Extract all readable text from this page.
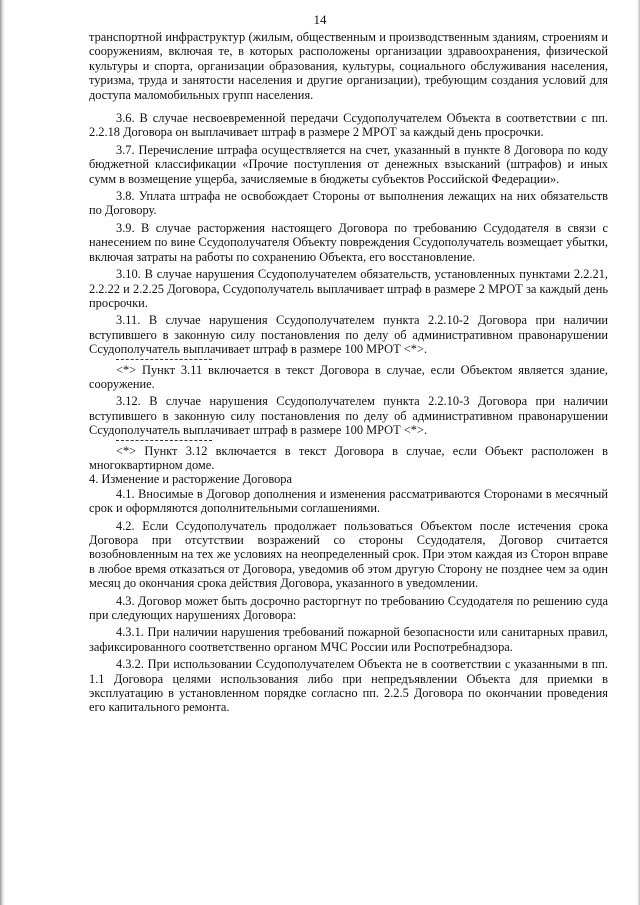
14

транспортной инфраструктур (жилым, общественным и производственным зданиям, строениям и сооружениям, включая те, в которых расположены организации здравоохранения, физической культуры и спорта, организации образования, культуры, социального обслуживания населения, туризма, труда и занятости населения и другие организации), требующим создания условий для доступа маломобильных групп населения.

3.6. В случае несвоевременной передачи Ссудополучателем Объекта в соответствии с пп. 2.2.18 Договора он выплачивает штраф в размере 2 МРОТ за каждый день просрочки.

3.7. Перечисление штрафа осуществляется на счет, указанный в пункте 8 Договора по коду бюджетной классификации «Прочие поступления от денежных взысканий (штрафов) и иных сумм в возмещение ущерба, зачисляемые в бюджеты субъектов Российской Федерации».

3.8. Уплата штрафа не освобождает Стороны от выполнения лежащих на них обязательств по Договору.

3.9. В случае расторжения настоящего Договора по требованию Ссудодателя в связи с нанесением по вине Ссудополучателя Объекту повреждения Ссудополучатель возмещает убытки, включая затраты на работы по сохранению Объекта, его восстановление.

3.10. В случае нарушения Ссудополучателем обязательств, установленных пунктами 2.2.21, 2.2.22 и 2.2.25 Договора, Ссудополучатель выплачивает штраф в размере 2 МРОТ за каждый день просрочки.

3.11. В случае нарушения Ссудополучателем пункта 2.2.10-2 Договора при наличии вступившего в законную силу постановления по делу об административном правонарушении Ссудополучатель выплачивает штраф в размере 100 МРОТ <*>.

<*> Пункт 3.11 включается в текст Договора в случае, если Объектом является здание, сооружение.

3.12. В случае нарушения Ссудополучателем пункта 2.2.10-3 Договора при наличии вступившего в законную силу постановления по делу об административном правонарушении Ссудополучатель выплачивает штраф в размере 100 МРОТ <*>.

<*> Пункт 3.12 включается в текст Договора в случае, если Объект расположен в многоквартирном доме.

4. Изменение и расторжение Договора

4.1. Вносимые в Договор дополнения и изменения рассматриваются Сторонами в месячный срок и оформляются дополнительными соглашениями.

4.2. Если Ссудополучатель продолжает пользоваться Объектом после истечения срока Договора при отсутствии возражений со стороны Ссудодателя, Договор считается возобновленным на тех же условиях на неопределенный срок. При этом каждая из Сторон вправе в любое время отказаться от Договора, уведомив об этом другую Сторону не позднее чем за один месяц до окончания срока действия Договора, указанного в уведомлении.

4.3. Договор может быть досрочно расторгнут по требованию Ссудодателя по решению суда при следующих нарушениях Договора:

4.3.1. При наличии нарушения требований пожарной безопасности или санитарных правил, зафиксированного соответственно органом МЧС России или Роспотребнадзора.

4.3.2. При использовании Ссудополучателем Объекта не в соответствии с указанными в пп. 1.1 Договора целями использования либо при непредъявлении Объекта для приемки в эксплуатацию в установленном порядке согласно пп. 2.2.5 Договора по окончании проведения его капитального ремонта.
